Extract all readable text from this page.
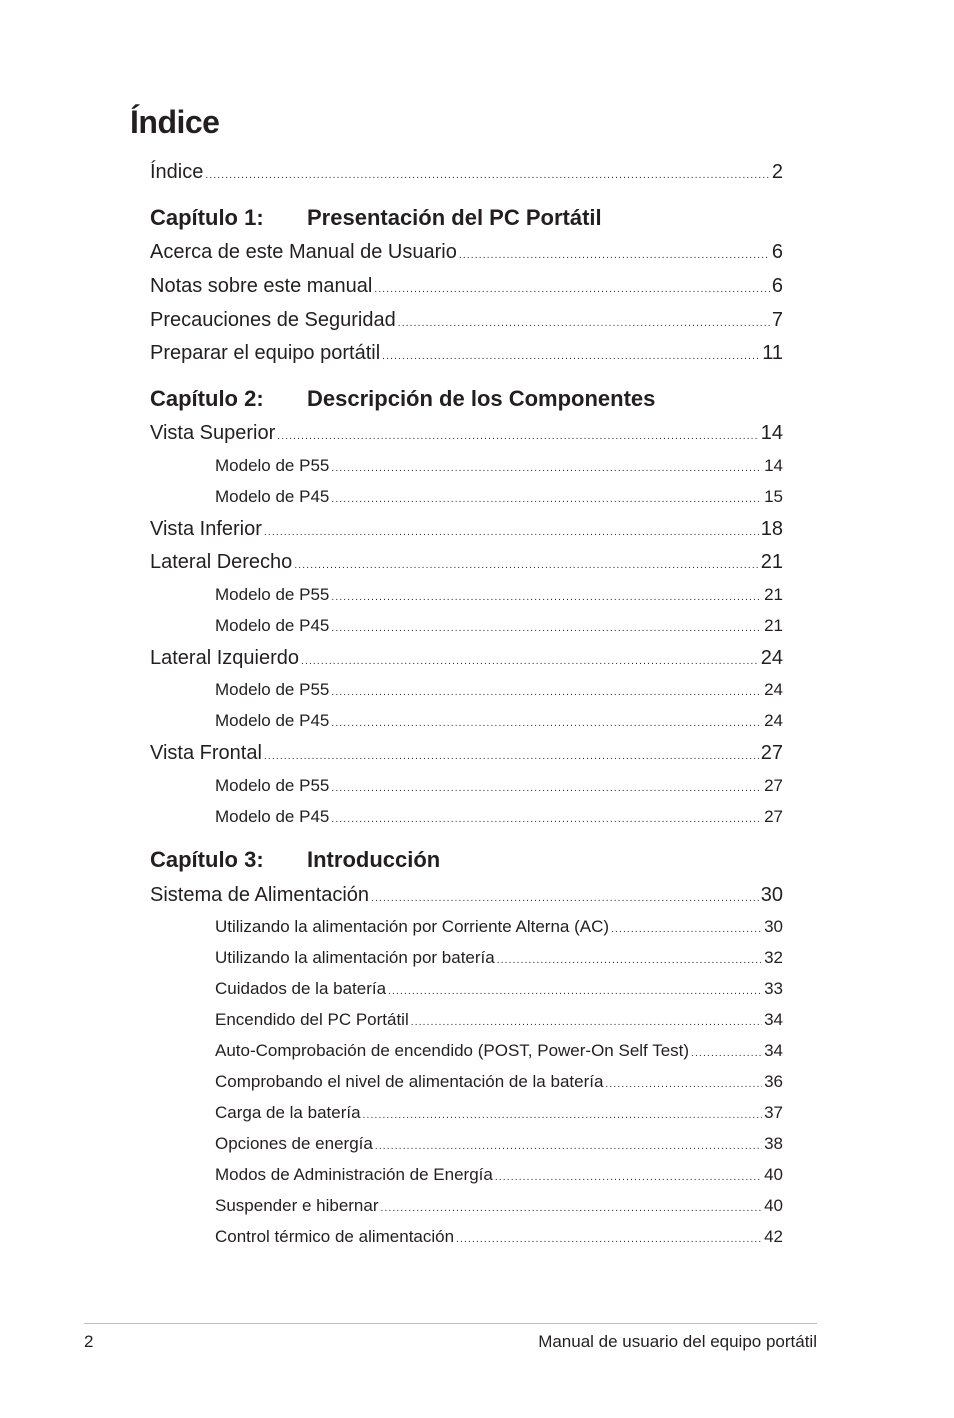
Índice
Índice .....	2
Capítulo 1: Presentación del PC Portátil
Acerca de este Manual de Usuario .....	6
Notas sobre este manual .....	6
Precauciones de Seguridad .....	7
Preparar el equipo portátil .....	11
Capítulo 2: Descripción de los Componentes
Vista Superior .....	14
Modelo de P55 .....	14
Modelo de P45 .....	15
Vista Inferior .....	18
Lateral Derecho .....	21
Modelo de P55 .....	21
Modelo de P45 .....	21
Lateral Izquierdo .....	24
Modelo de P55 .....	24
Modelo de P45 .....	24
Vista Frontal .....	27
Modelo de P55 .....	27
Modelo de P45 .....	27
Capítulo 3: Introducción
Sistema de Alimentación .....	30
Utilizando la alimentación por Corriente Alterna (AC) .....	30
Utilizando la alimentación por batería .....	32
Cuidados de la batería .....	33
Encendido del PC Portátil .....	34
Auto-Comprobación de encendido (POST, Power-On Self Test) .....	34
Comprobando el nivel de alimentación de la batería .....	36
Carga de la batería .....	37
Opciones de energía .....	38
Modos de Administración de Energía .....	40
Suspender e hibernar .....	40
Control térmico de alimentación .....	42
2	Manual de usuario del equipo portátil
